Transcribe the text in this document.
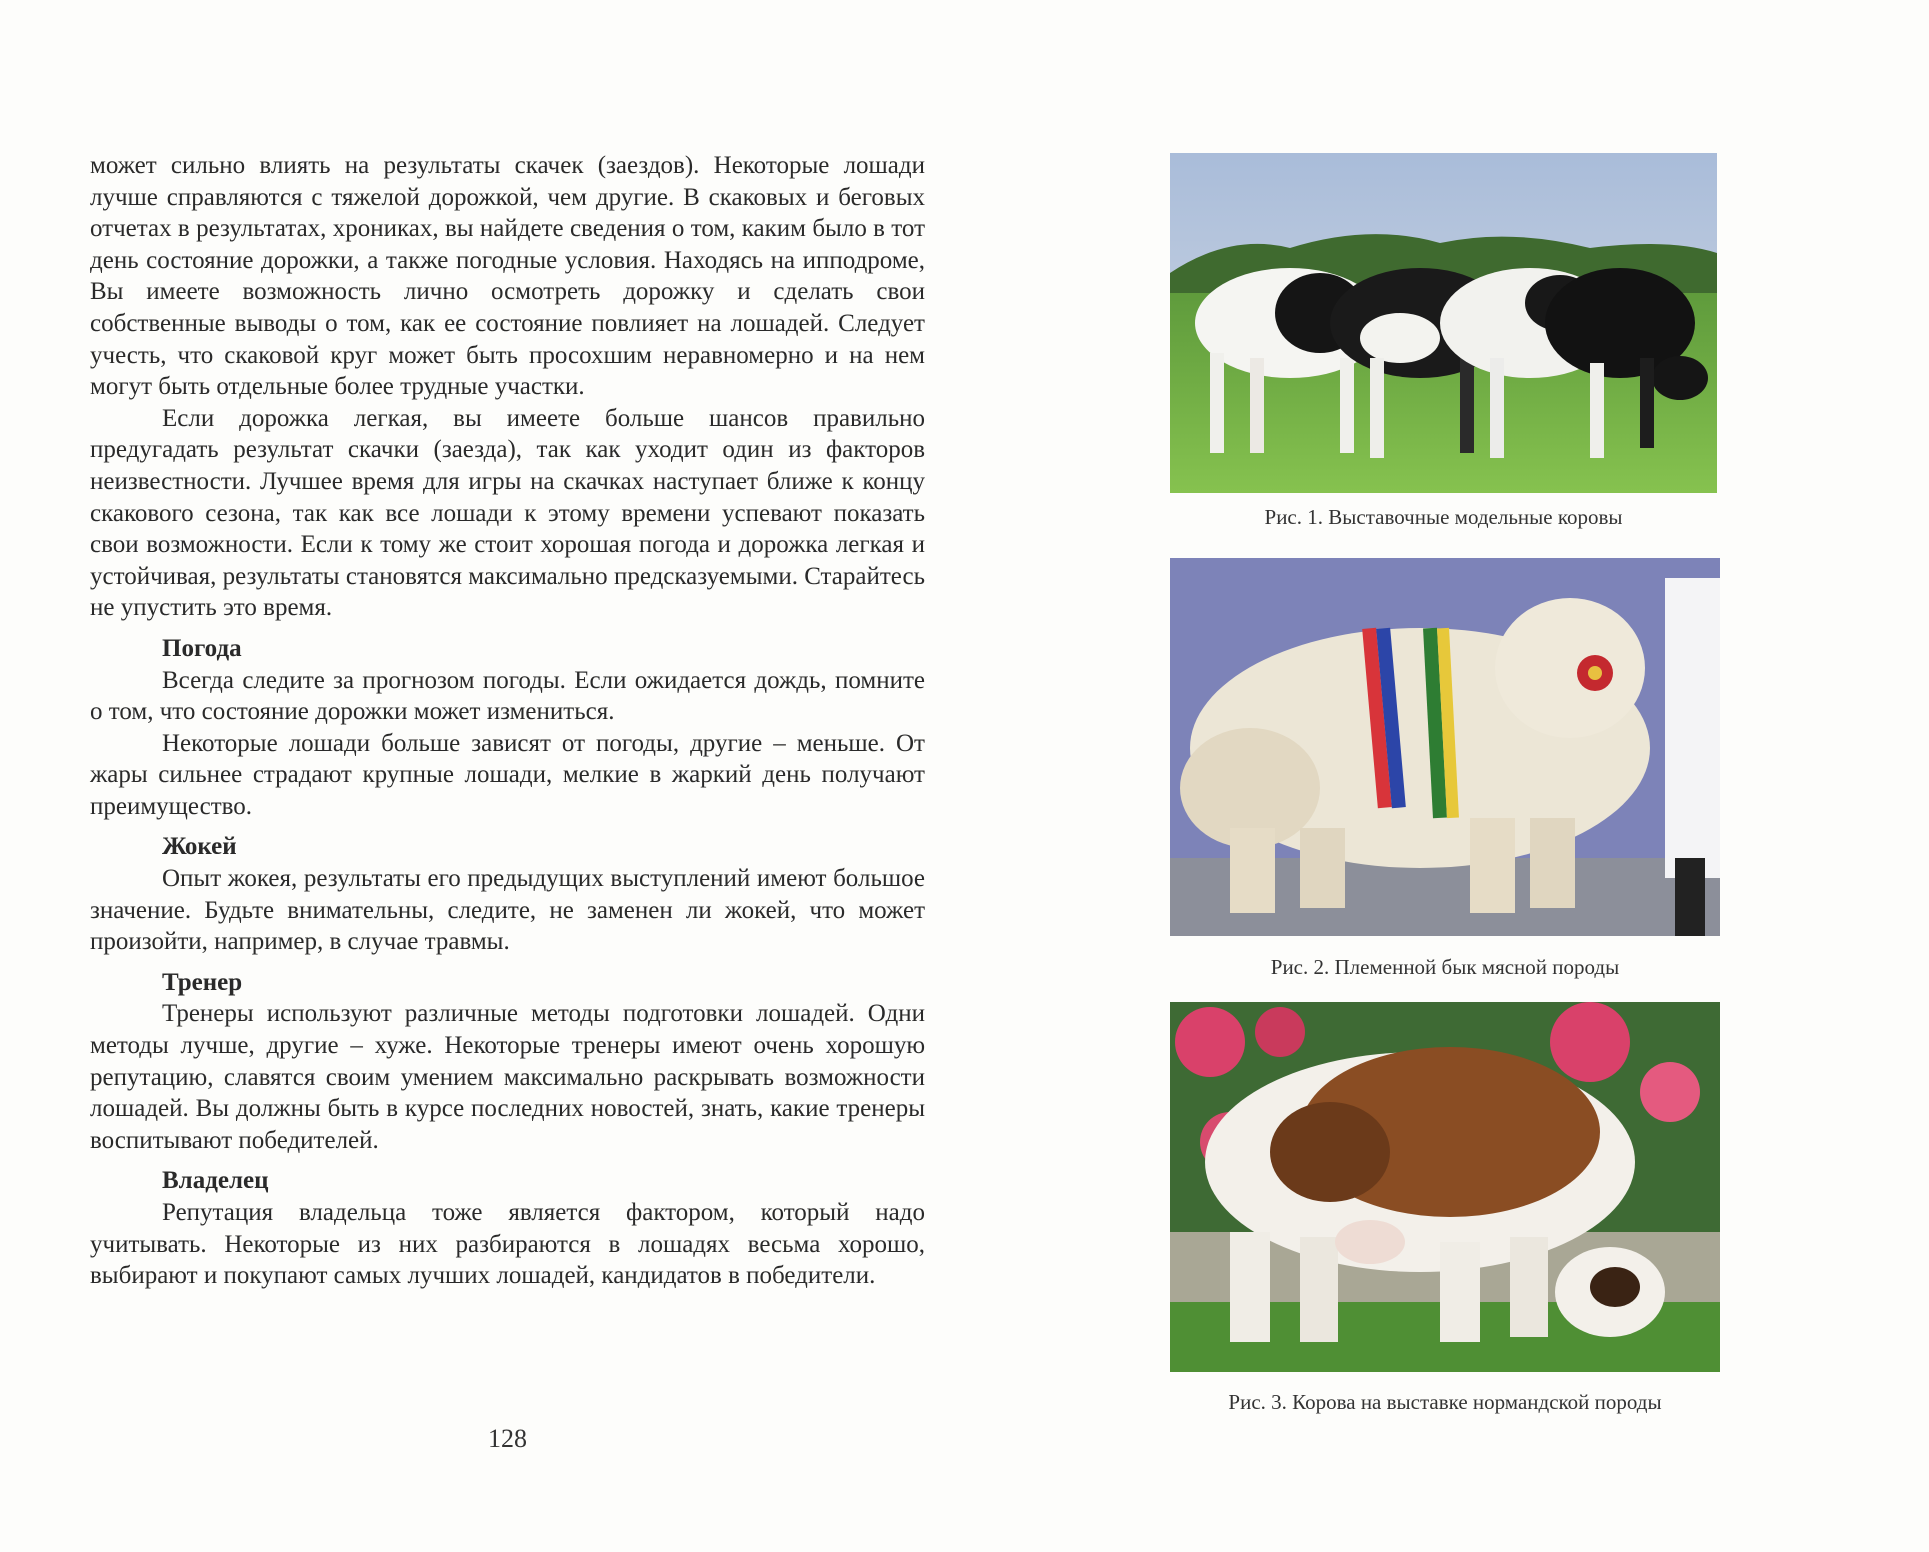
может сильно влиять на результаты скачек (заездов). Некоторые лошади лучше справляются с тяжелой дорожкой, чем другие. В скаковых и беговых отчетах в результатах, хрониках, вы найдете сведения о том, каким было в тот день состояние дорожки, а также погодные условия. Находясь на ипподроме, Вы имеете возможность лично осмотреть дорожку и сделать свои собственные выводы о том, как ее состояние повлияет на лошадей. Следует учесть, что скаковой круг может быть просохшим неравномерно и на нем могут быть отдельные более трудные участки.

Если дорожка легкая, вы имеете больше шансов правильно предугадать результат скачки (заезда), так как уходит один из факторов неизвестности. Лучшее время для игры на скачках наступает ближе к концу скакового сезона, так как все лошади к этому времени успевают показать свои возможности. Если к тому же стоит хорошая погода и дорожка легкая и устойчивая, результаты становятся максимально предсказуемыми. Старайтесь не упустить это время.

Погода

Всегда следите за прогнозом погоды. Если ожидается дождь, помните о том, что состояние дорожки может измениться.

Некоторые лошади больше зависят от погоды, другие – меньше. От жары сильнее страдают крупные лошади, мелкие в жаркий день получают преимущество.

Жокей

Опыт жокея, результаты его предыдущих выступлений имеют большое значение. Будьте внимательны, следите, не заменен ли жокей, что может произойти, например, в случае травмы.

Тренер

Тренеры используют различные методы подготовки лошадей. Одни методы лучше, другие – хуже. Некоторые тренеры имеют очень хорошую репутацию, славятся своим умением максимально раскрывать возможности лошадей. Вы должны быть в курсе последних новостей, знать, какие тренеры воспитывают победителей.

Владелец

Репутация владельца тоже является фактором, который надо учитывать. Некоторые из них разбираются в лошадях весьма хорошо, выбирают и покупают самых лучших лошадей, кандидатов в победители.

128
Рис. 1. Выставочные модельные коровы
Рис. 2. Племенной бык мясной породы
Рис. 3. Корова на выставке нормандской породы
